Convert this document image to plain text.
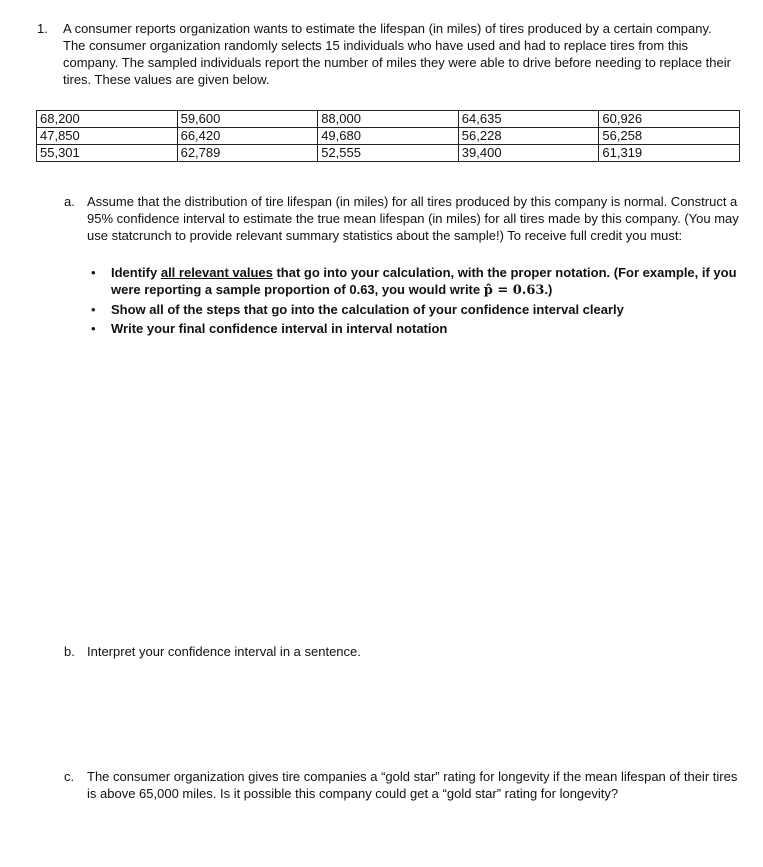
1. A consumer reports organization wants to estimate the lifespan (in miles) of tires produced by a certain company. The consumer organization randomly selects 15 individuals who have used and had to replace tires from this company. The sampled individuals report the number of miles they were able to drive before needing to replace their tires. These values are given below.
68,200	59,600	88,000	64,635	60,926
47,850	66,420	49,680	56,228	56,258
55,301	62,789	52,555	39,400	61,319
a. Assume that the distribution of tire lifespan (in miles) for all tires produced by this company is normal. Construct a 95% confidence interval to estimate the true mean lifespan (in miles) for all tires made by this company. (You may use statcrunch to provide relevant summary statistics about the sample!) To receive full credit you must:
• Identify all relevant values that go into your calculation, with the proper notation. (For example, if you were reporting a sample proportion of 0.63, you would write p̂ = 0.63.)
• Show all of the steps that go into the calculation of your confidence interval clearly
• Write your final confidence interval in interval notation
b. Interpret your confidence interval in a sentence.
c. The consumer organization gives tire companies a “gold star” rating for longevity if the mean lifespan of their tires is above 65,000 miles. Is it possible this company could get a “gold star” rating for longevity?
